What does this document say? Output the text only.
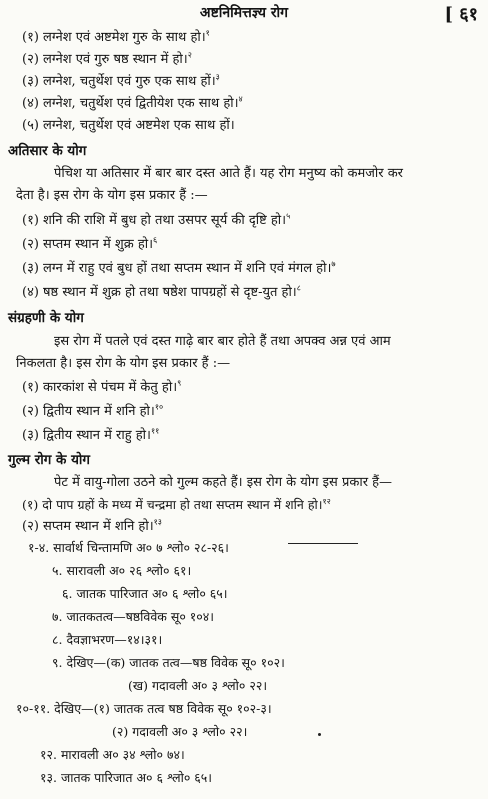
अष्टनिमित्तज्ञ्य रोग	[ ६१
(१) लग्नेश एवं अष्टमेश गुरु के साथ हो।$^१$
(२) लग्नेश एवं गुरु षष्ठ स्थान में हो।$^२$
(३) लग्नेश, चतुर्थेश एवं गुरु एक साथ हों।$^३$
(४) लग्नेश, चतुर्थेश एवं द्वितीयेश एक साथ हो।$^४$
(५) लग्नेश, चतुर्थेश एवं अष्टमेश एक साथ हों।
अतिसार के योग
पेचिश या अतिसार में बार बार दस्त आते हैं। यह रोग मनुष्य को कमजोर कर
देता है। इस रोग के योग इस प्रकार हैं :—
(१) शनि की राशि में बुध हो तथा उसपर सूर्य की दृष्टि हो।$^५$
(२) सप्तम स्थान में शुक्र हो।$^६$
(३) लग्न में राहु एवं बुध हों तथा सप्तम स्थान में शनि एवं मंगल हो।$^७$
(४) षष्ठ स्थान में शुक्र हो तथा षष्ठेश पापग्रहों से दृष्ट-युत हो।$^८$
संग्रहणी के योग
इस रोग में पतले एवं दस्त गाढ़े बार बार होते हैं तथा अपक्व अन्न एवं आम
निकलता है। इस रोग के योग इस प्रकार हैं :—
(१) कारकांश से पंचम में केतु हो।$^९$
(२) द्वितीय स्थान में शनि हो।$^{१०}$
(३) द्वितीय स्थान में राहु हो।$^{११}$
गुल्म रोग के योग
पेट में वायु-गोला उठने को गुल्म कहते हैं। इस रोग के योग इस प्रकार हैं—
(१) दो पाप ग्रहों के मध्य में चन्द्रमा हो तथा सप्तम स्थान में शनि हो।$^{१२}$
(२) सप्तम स्थान में शनि हो।$^{१३}$
१-४. सार्वार्थ चिन्तामणि अ० ७ श्लो० २८-२६।
५. सारावली अ० २६ श्लो० ६१।
६. जातक पारिजात अ० ६ श्लो० ६५।
७. जातकतत्व—षष्ठविवेक सू० १०४।
८. दैवज्ञाभरण—१४।३१।
९. देखिए—(क) जातक तत्व—षष्ठ विवेक सू० १०२।
(ख) गदावली अ० ३ श्लो० २२।
१०-११. देखिए—(१) जातक तत्व षष्ठ विवेक सू० १०२-३।
(२) गदावली अ० ३ श्लो० २२।
१२. मारावली अ० ३४ श्लो० ७४।
१३. जातक पारिजात अ० ६ श्लो० ६५।
